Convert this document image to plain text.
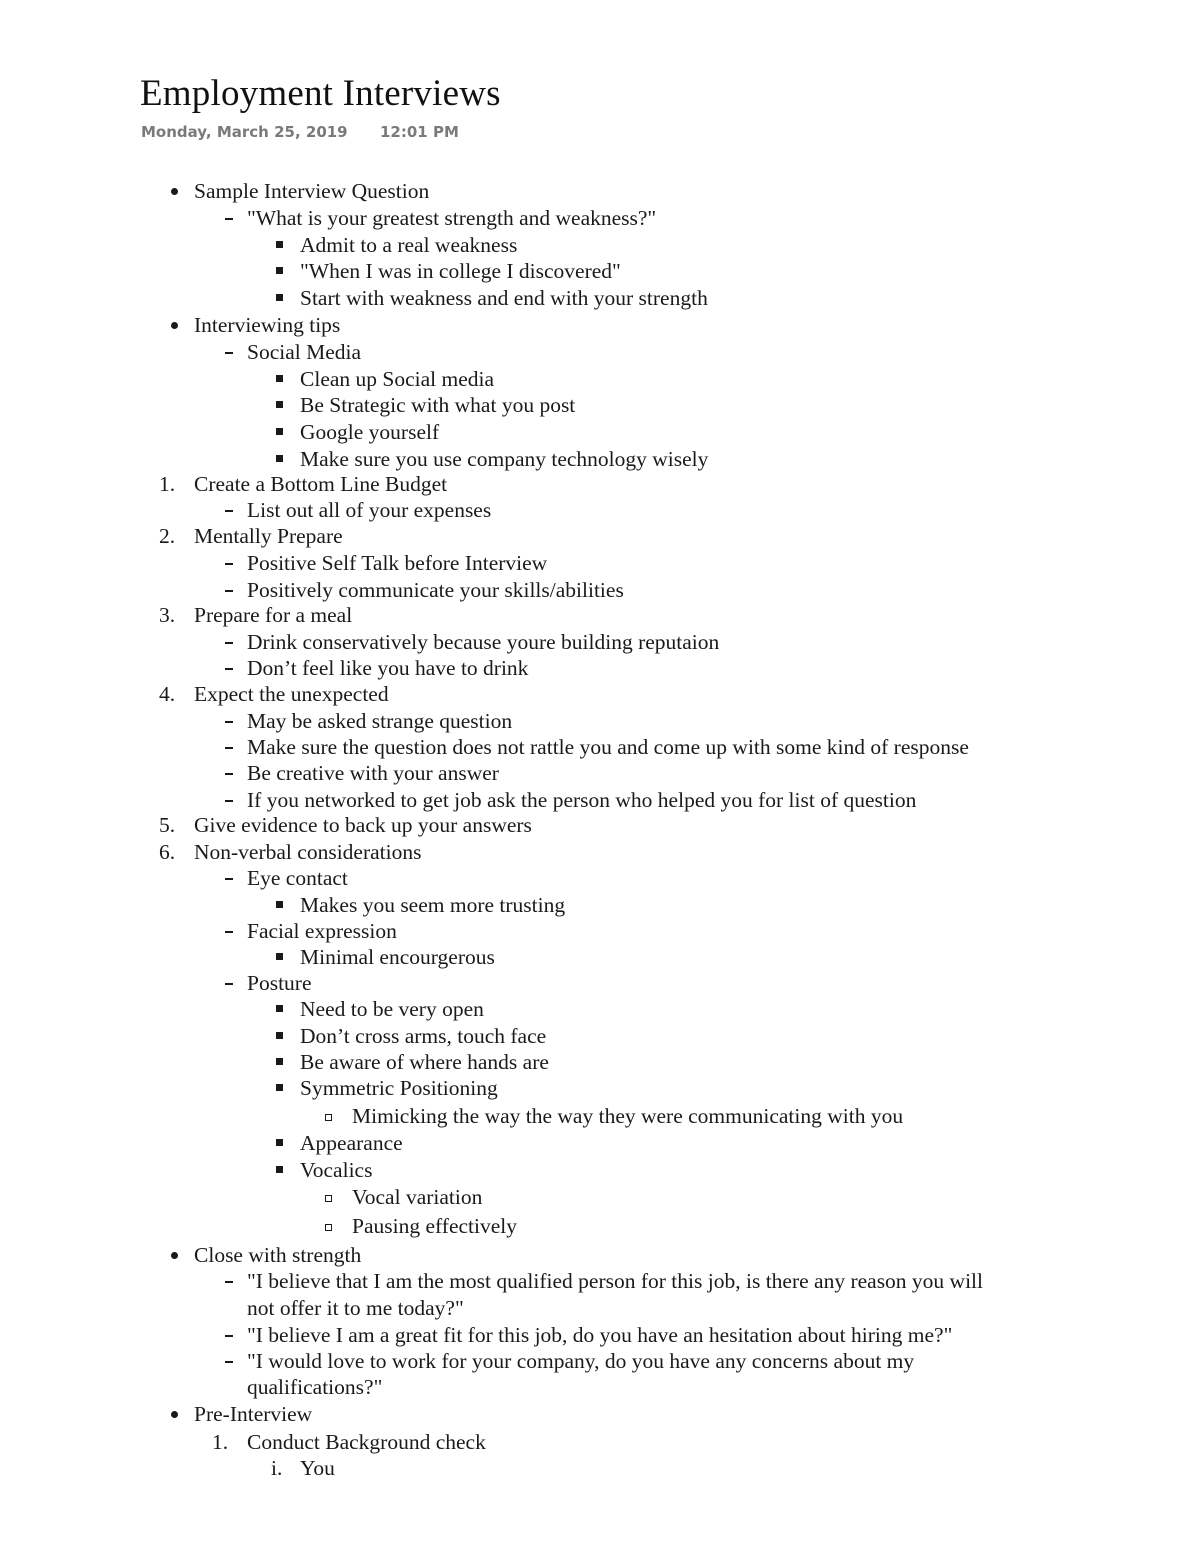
Employment Interviews
Monday, March 25, 2019 12:01 PM
Sample Interview Question
"What is your greatest strength and weakness?"
Admit to a real weakness
"When I was in college I discovered"
Start with weakness and end with your strength
Interviewing tips
Social Media
Clean up Social media
Be Strategic with what you post
Google yourself
Make sure you use company technology wisely
Create a Bottom Line Budget
1.
List out all of your expenses
Mentally Prepare
2.
Positive Self Talk before Interview
Positively communicate your skills/abilities
Prepare for a meal
3.
Drink conservatively because youre building reputaion
Don’t feel like you have to drink
Expect the unexpected
4.
May be asked strange question
Make sure the question does not rattle you and come up with some kind of response
Be creative with your answer
If you networked to get job ask the person who helped you for list of question
Give evidence to back up your answers
5.
Non-verbal considerations
6.
Eye contact
Makes you seem more trusting
Facial expression
Minimal encourgerous
Posture
Need to be very open
Don’t cross arms, touch face
Be aware of where hands are
Symmetric Positioning
Mimicking the way the way they were communicating with you
Appearance
Vocalics
Vocal variation
Pausing effectively
Close with strength
"I believe that I am the most qualified person for this job, is there any reason you will
not offer it to me today?"
"I believe I am a great fit for this job, do you have an hesitation about hiring me?"
"I would love to work for your company, do you have any concerns about my
qualifications?"
Pre-Interview
Conduct Background check
1.
You
i.
